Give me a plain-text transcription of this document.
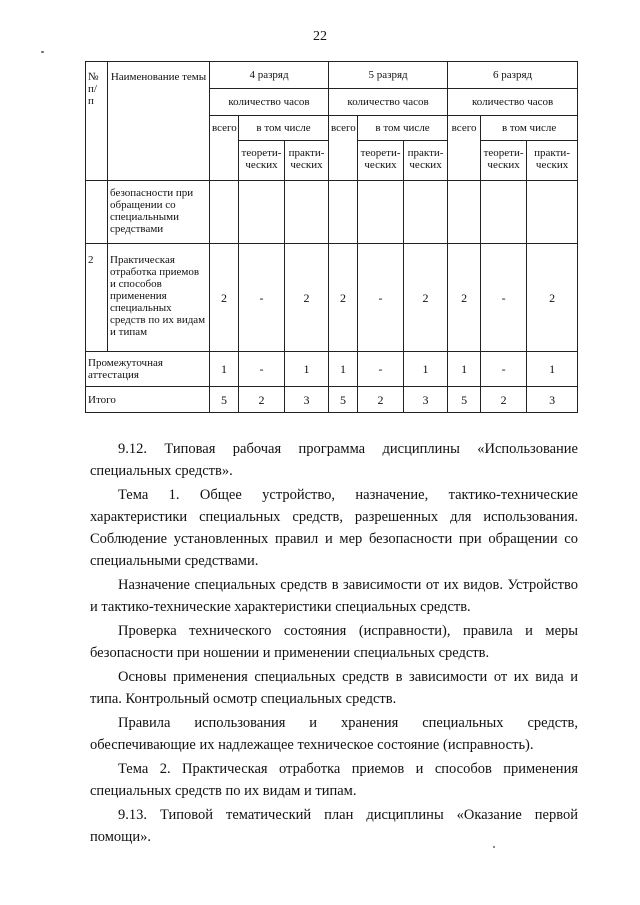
22
№ п/ п	Наименование темы	4 разряд			5 разряд			6 разряд		
		количество часов			количество часов			количество часов		
		всего	в том числе		всего	в том числе		всего	в том числе	
			теорети-ческих	практи-ческих		теорети-ческих	практи-ческих		теорети-ческих	практи-ческих
	безопасности при обращении со специальными средствами									
2	Практическая отработка приемов и способов применения специальных средств по их видам и типам	2	-	2	2	-	2	2	-	2
Промежуточная аттестация		1	-	1	1	-	1	1	-	1
Итого		5	2	3	5	2	3	5	2	3

9.12. Типовая рабочая программа дисциплины «Использование специальных средств».

Тема 1. Общее устройство, назначение, тактико-технические характеристики специальных средств, разрешенных для использования. Соблюдение установленных правил и мер безопасности при обращении со специальными средствами.

Назначение специальных средств в зависимости от их видов. Устройство и тактико-технические характеристики специальных средств.

Проверка технического состояния (исправности), правила и меры безопасности при ношении и применении специальных средств.

Основы применения специальных средств в зависимости от их вида и типа. Контрольный осмотр специальных средств.

Правила использования и хранения специальных средств, обеспечивающие их надлежащее техническое состояние (исправность).

Тема 2. Практическая отработка приемов и способов применения специальных средств по их видам и типам.

9.13. Типовой тематический план дисциплины «Оказание первой помощи».
